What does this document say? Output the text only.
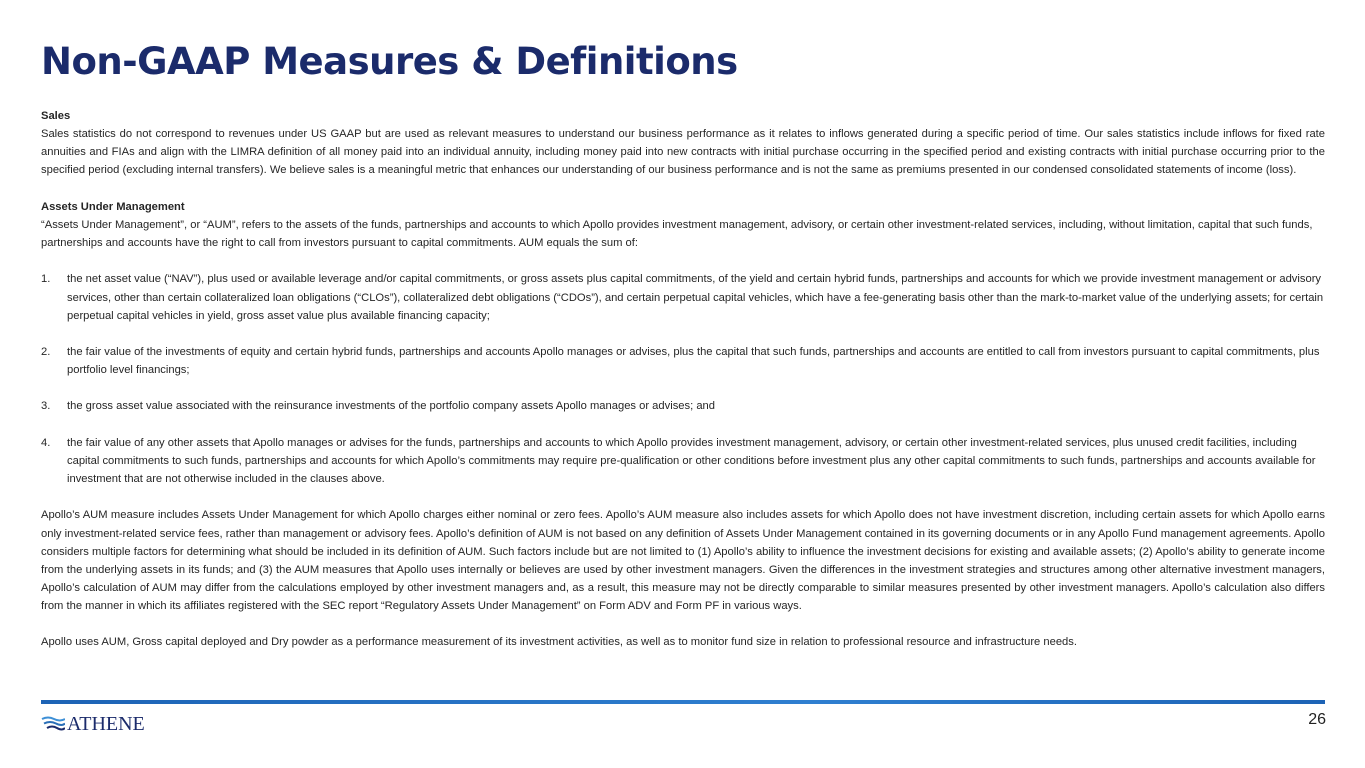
Non-GAAP Measures & Definitions

Sales

Sales statistics do not correspond to revenues under US GAAP but are used as relevant measures to understand our business performance as it relates to inflows generated during a specific period of time. Our sales statistics include inflows for fixed rate annuities and FIAs and align with the LIMRA definition of all money paid into an individual annuity, including money paid into new contracts with initial purchase occurring in the specified period and existing contracts with initial purchase occurring prior to the specified period (excluding internal transfers). We believe sales is a meaningful metric that enhances our understanding of our business performance and is not the same as premiums presented in our condensed consolidated statements of income (loss).

Assets Under Management

“Assets Under Management”, or “AUM”, refers to the assets of the funds, partnerships and accounts to which Apollo provides investment management, advisory, or certain other investment-related services, including, without limitation, capital that such funds, partnerships and accounts have the right to call from investors pursuant to capital commitments. AUM equals the sum of:

1.	the net asset value (“NAV”), plus used or available leverage and/or capital commitments, or gross assets plus capital commitments, of the yield and certain hybrid funds, partnerships and accounts for which we provide investment management or advisory services, other than certain collateralized loan obligations (“CLOs”), collateralized debt obligations (“CDOs”), and certain perpetual capital vehicles, which have a fee-generating basis other than the mark-to-market value of the underlying assets; for certain perpetual capital vehicles in yield, gross asset value plus available financing capacity;
2.	the fair value of the investments of equity and certain hybrid funds, partnerships and accounts Apollo manages or advises, plus the capital that such funds, partnerships and accounts are entitled to call from investors pursuant to capital commitments, plus portfolio level financings;
3.	the gross asset value associated with the reinsurance investments of the portfolio company assets Apollo manages or advises; and
4.	the fair value of any other assets that Apollo manages or advises for the funds, partnerships and accounts to which Apollo provides investment management, advisory, or certain other investment-related services, plus unused credit facilities, including capital commitments to such funds, partnerships and accounts for which Apollo’s commitments may require pre-qualification or other conditions before investment plus any other capital commitments to such funds, partnerships and accounts available for investment that are not otherwise included in the clauses above.

Apollo’s AUM measure includes Assets Under Management for which Apollo charges either nominal or zero fees. Apollo’s AUM measure also includes assets for which Apollo does not have investment discretion, including certain assets for which Apollo earns only investment-related service fees, rather than management or advisory fees. Apollo’s definition of AUM is not based on any definition of Assets Under Management contained in its governing documents or in any Apollo Fund management agreements. Apollo considers multiple factors for determining what should be included in its definition of AUM. Such factors include but are not limited to (1) Apollo’s ability to influence the investment decisions for existing and available assets; (2) Apollo’s ability to generate income from the underlying assets in its funds; and (3) the AUM measures that Apollo uses internally or believes are used by other investment managers. Given the differences in the investment strategies and structures among other alternative investment managers, Apollo’s calculation of AUM may differ from the calculations employed by other investment managers and, as a result, this measure may not be directly comparable to similar measures presented by other investment managers. Apollo’s calculation also differs from the manner in which its affiliates registered with the SEC report “Regulatory Assets Under Management” on Form ADV and Form PF in various ways.

Apollo uses AUM, Gross capital deployed and Dry powder as a performance measurement of its investment activities, as well as to monitor fund size in relation to professional resource and infrastructure needs.

ATHENE	26
